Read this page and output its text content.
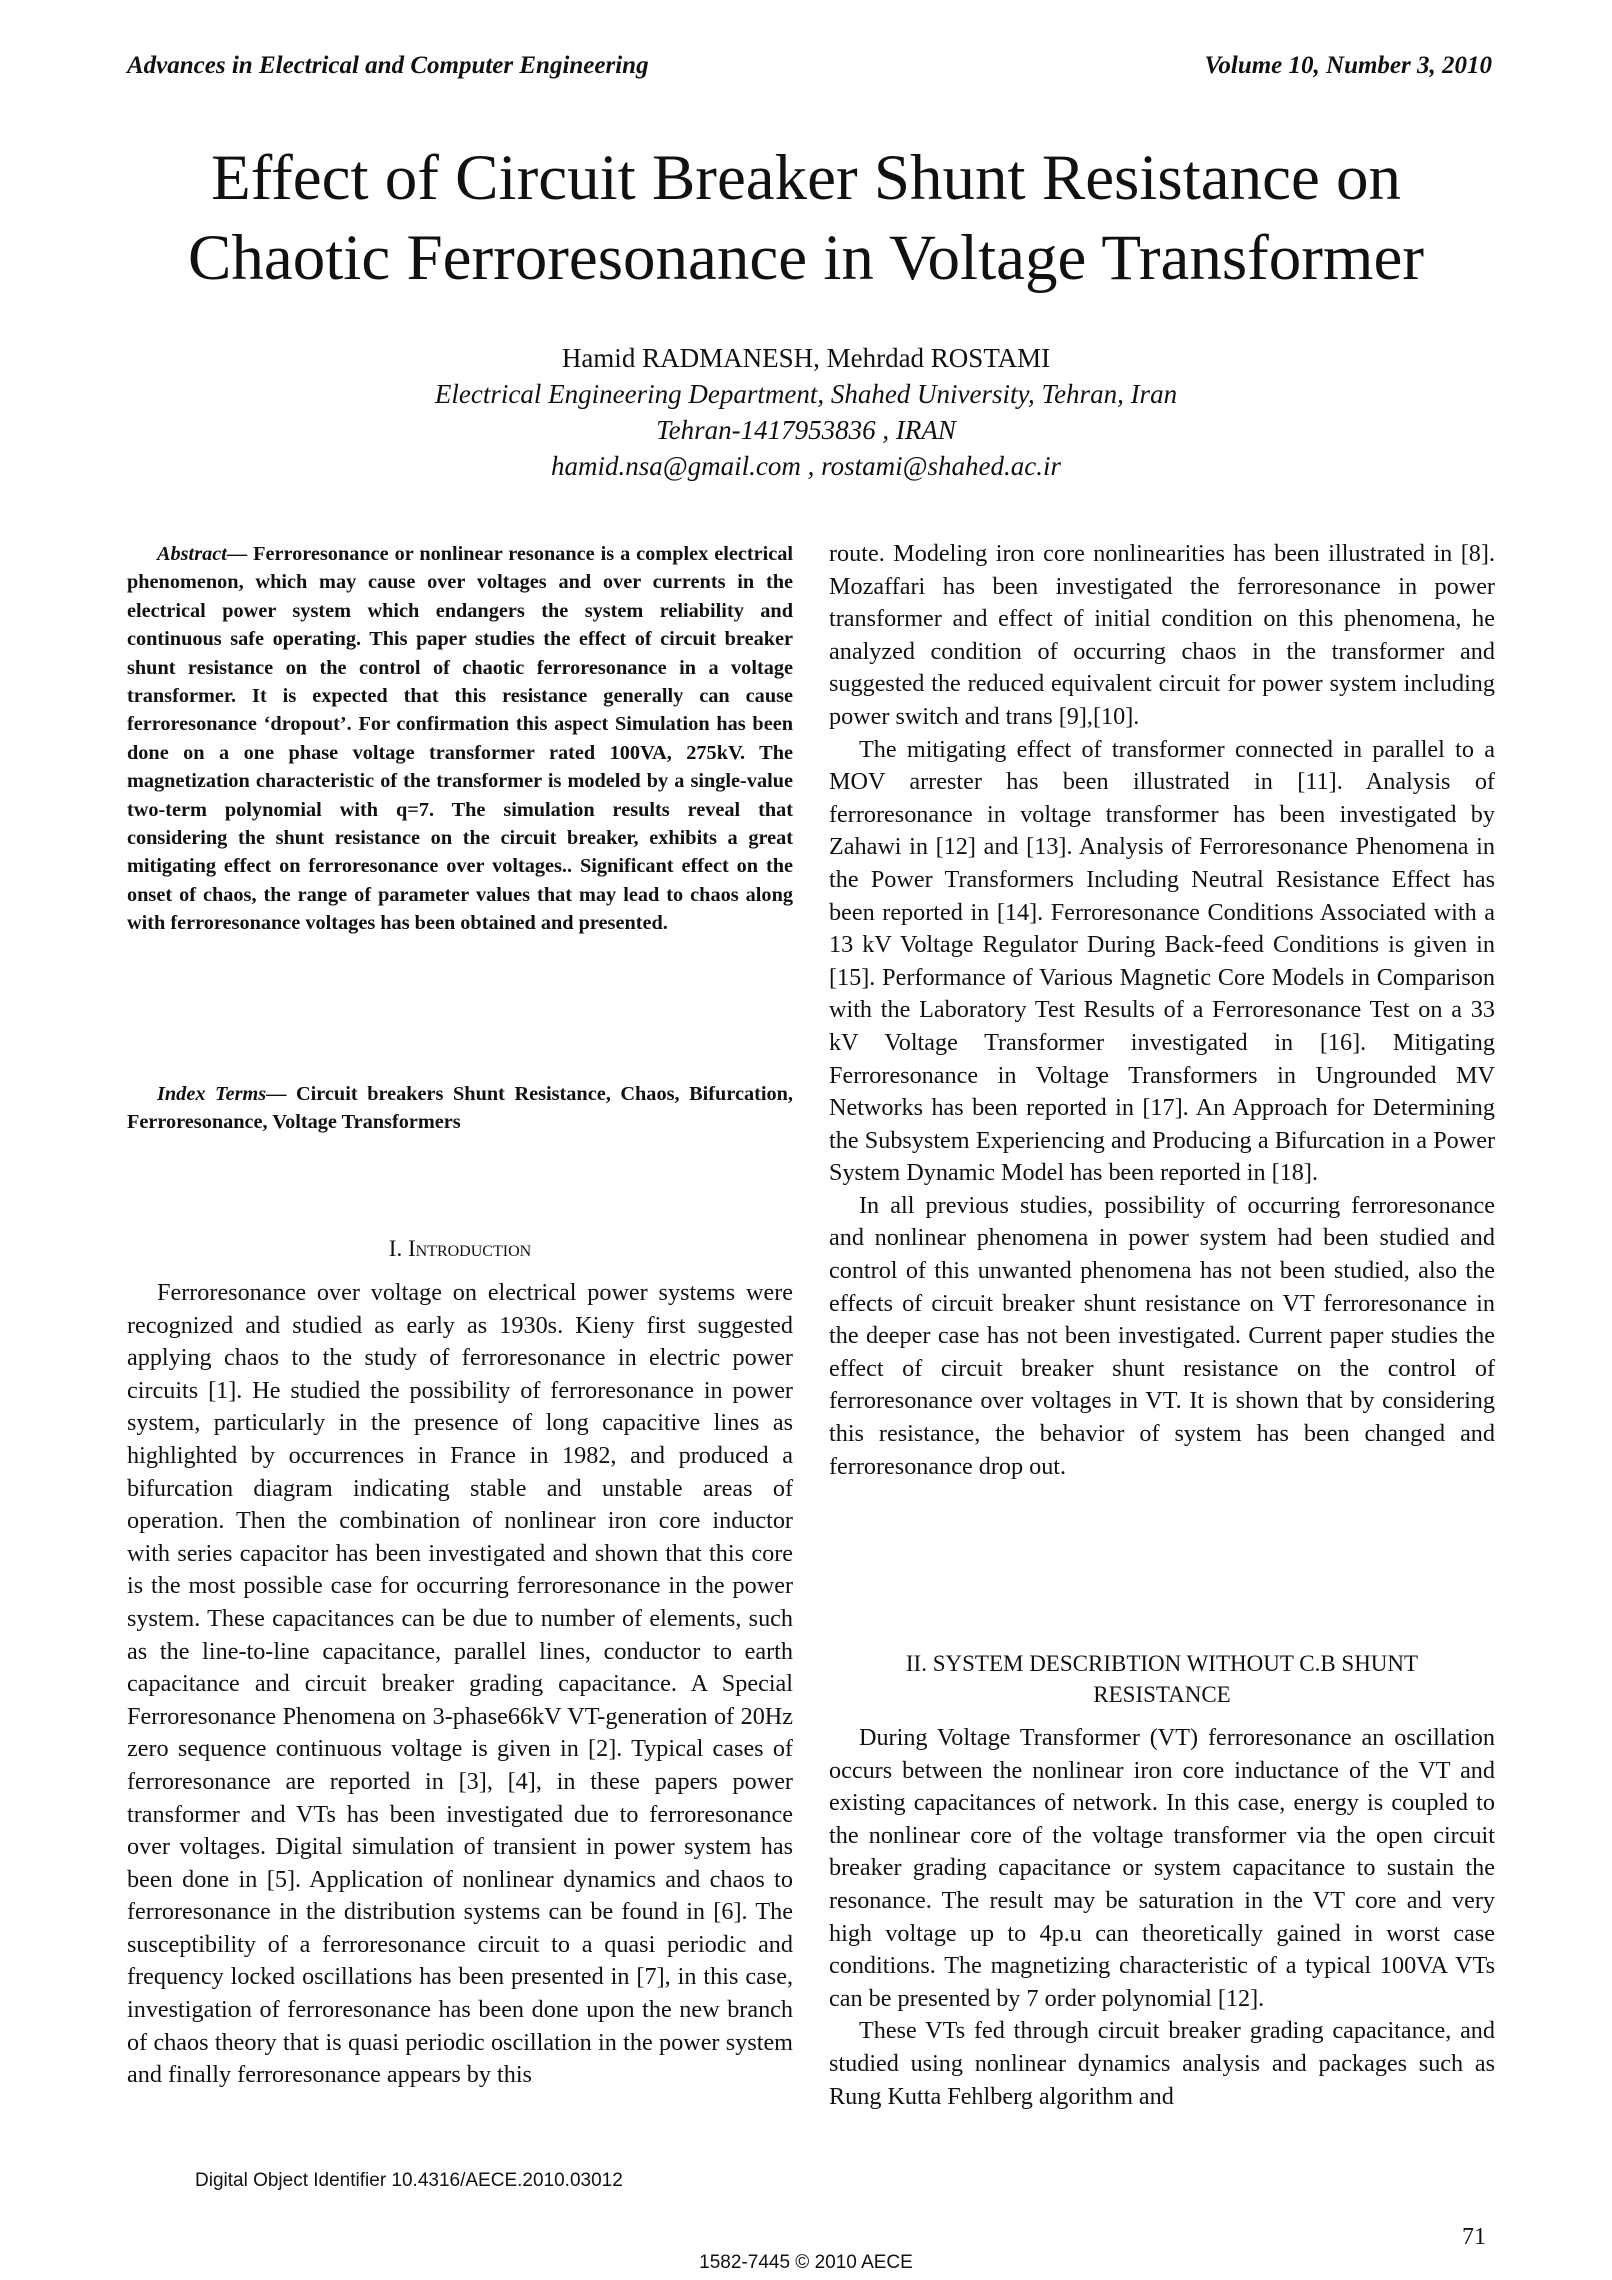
Advances in Electrical and Computer Engineering	Volume 10, Number 3, 2010
Effect of Circuit Breaker Shunt Resistance on
Chaotic Ferroresonance in Voltage Transformer
Hamid RADMANESH, Mehrdad ROSTAMI
Electrical Engineering Department, Shahed University, Tehran, Iran
Tehran-1417953836 , IRAN
hamid.nsa@gmail.com , rostami@shahed.ac.ir

Abstract— Ferroresonance or nonlinear resonance is a complex electrical phenomenon, which may cause over voltages and over currents in the electrical power system which endangers the system reliability and continuous safe operating. This paper studies the effect of circuit breaker shunt resistance on the control of chaotic ferroresonance in a voltage transformer. It is expected that this resistance generally can cause ferroresonance ‘dropout’. For confirmation this aspect Simulation has been done on a one phase voltage transformer rated 100VA, 275kV. The magnetization characteristic of the transformer is modeled by a single-value two-term polynomial with q=7. The simulation results reveal that considering the shunt resistance on the circuit breaker, exhibits a great mitigating effect on ferroresonance over voltages.. Significant effect on the onset of chaos, the range of parameter values that may lead to chaos along with ferroresonance voltages has been obtained and presented.

Index Terms— Circuit breakers Shunt Resistance, Chaos, Bifurcation, Ferroresonance, Voltage Transformers

I. Introduction

Ferroresonance over voltage on electrical power systems were recognized and studied as early as 1930s. Kieny first suggested applying chaos to the study of ferroresonance in electric power circuits [1]. He studied the possibility of ferroresonance in power system, particularly in the presence of long capacitive lines as highlighted by occurrences in France in 1982, and produced a bifurcation diagram indicating stable and unstable areas of operation. Then the combination of nonlinear iron core inductor with series capacitor has been investigated and shown that this core is the most possible case for occurring ferroresonance in the power system. These capacitances can be due to number of elements, such as the line-to-line capacitance, parallel lines, conductor to earth capacitance and circuit breaker grading capacitance. A Special Ferroresonance Phenomena on 3-phase66kV VT-generation of 20Hz zero sequence continuous voltage is given in [2]. Typical cases of ferroresonance are reported in [3], [4], in these papers power transformer and VTs has been investigated due to ferroresonance over voltages. Digital simulation of transient in power system has been done in [5]. Application of nonlinear dynamics and chaos to ferroresonance in the distribution systems can be found in [6]. The susceptibility of a ferroresonance circuit to a quasi periodic and frequency locked oscillations has been presented in [7], in this case, investigation of ferroresonance has been done upon the new branch of chaos theory that is quasi periodic oscillation in the power system and finally ferroresonance appears by this

route. Modeling iron core nonlinearities has been illustrated in [8]. Mozaffari has been investigated the ferroresonance in power transformer and effect of initial condition on this phenomena, he analyzed condition of occurring chaos in the transformer and suggested the reduced equivalent circuit for power system including power switch and trans [9],[10].

The mitigating effect of transformer connected in parallel to a MOV arrester has been illustrated in [11]. Analysis of ferroresonance in voltage transformer has been investigated by Zahawi in [12] and [13]. Analysis of Ferroresonance Phenomena in the Power Transformers Including Neutral Resistance Effect has been reported in [14]. Ferroresonance Conditions Associated with a 13 kV Voltage Regulator During Back-feed Conditions is given in [15]. Performance of Various Magnetic Core Models in Comparison with the Laboratory Test Results of a Ferroresonance Test on a 33 kV Voltage Transformer investigated in [16]. Mitigating Ferroresonance in Voltage Transformers in Ungrounded MV Networks has been reported in [17]. An Approach for Determining the Subsystem Experiencing and Producing a Bifurcation in a Power System Dynamic Model has been reported in [18].

In all previous studies, possibility of occurring ferroresonance and nonlinear phenomena in power system had been studied and control of this unwanted phenomena has not been studied, also the effects of circuit breaker shunt resistance on VT ferroresonance in the deeper case has not been investigated. Current paper studies the effect of circuit breaker shunt resistance on the control of ferroresonance over voltages in VT. It is shown that by considering this resistance, the behavior of system has been changed and ferroresonance drop out.

II. SYSTEM DESCRIBTION WITHOUT C.B SHUNT
RESISTANCE

During Voltage Transformer (VT) ferroresonance an oscillation occurs between the nonlinear iron core inductance of the VT and existing capacitances of network. In this case, energy is coupled to the nonlinear core of the voltage transformer via the open circuit breaker grading capacitance or system capacitance to sustain the resonance. The result may be saturation in the VT core and very high voltage up to 4p.u can theoretically gained in worst case conditions. The magnetizing characteristic of a typical 100VA VTs can be presented by 7 order polynomial [12].

These VTs fed through circuit breaker grading capacitance, and studied using nonlinear dynamics analysis and packages such as Rung Kutta Fehlberg algorithm and

Digital Object Identifier 10.4316/AECE.2010.03012
71
1582-7445 © 2010 AECE
